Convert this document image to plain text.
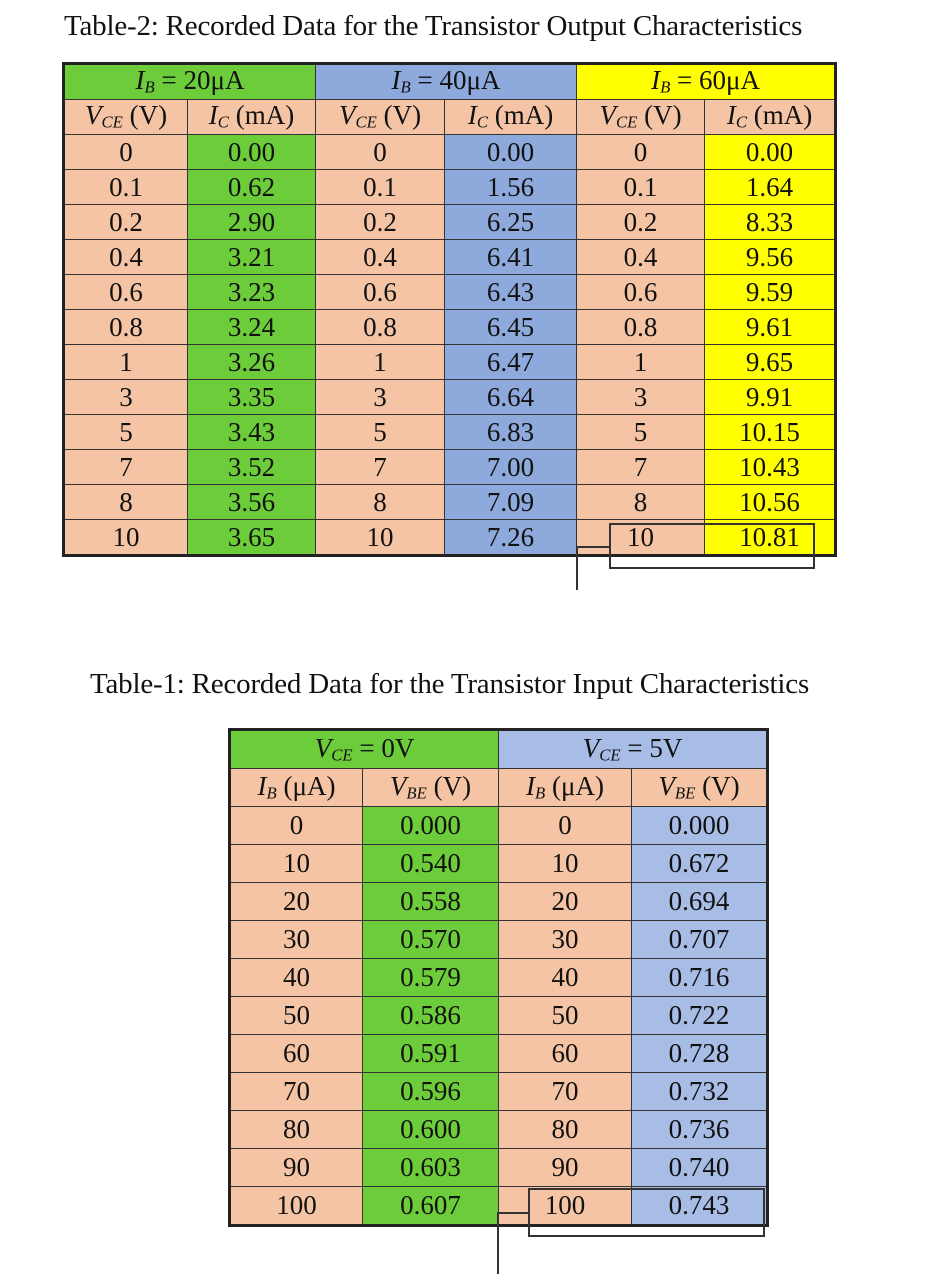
Table-2: Recorded Data for the Transistor Output Characteristics
$I_B = 20\mu A$		$I_B = 40\mu A$		$I_B = 60\mu A$	
$V_{CE}$ (V)	$I_C$ (mA)	$V_{CE}$ (V)	$I_C$ (mA)	$V_{CE}$ (V)	$I_C$ (mA)
0	0.00	0	0.00	0	0.00
0.1	0.62	0.1	1.56	0.1	1.64
0.2	2.90	0.2	6.25	0.2	8.33
0.4	3.21	0.4	6.41	0.4	9.56
0.6	3.23	0.6	6.43	0.6	9.59
0.8	3.24	0.8	6.45	0.8	9.61
1	3.26	1	6.47	1	9.65
3	3.35	3	6.64	3	9.91
5	3.43	5	6.83	5	10.15
7	3.52	7	7.00	7	10.43
8	3.56	8	7.09	8	10.56
10	3.65	10	7.26	10	10.81
Table-1: Recorded Data for the Transistor Input Characteristics
$V_{CE} = 0V$		$V_{CE} = 5V$	
$I_B$ (μA)	$V_{BE}$ (V)	$I_B$ (μA)	$V_{BE}$ (V)
0	0.000	0	0.000
10	0.540	10	0.672
20	0.558	20	0.694
30	0.570	30	0.707
40	0.579	40	0.716
50	0.586	50	0.722
60	0.591	60	0.728
70	0.596	70	0.732
80	0.600	80	0.736
90	0.603	90	0.740
100	0.607	100	0.743
